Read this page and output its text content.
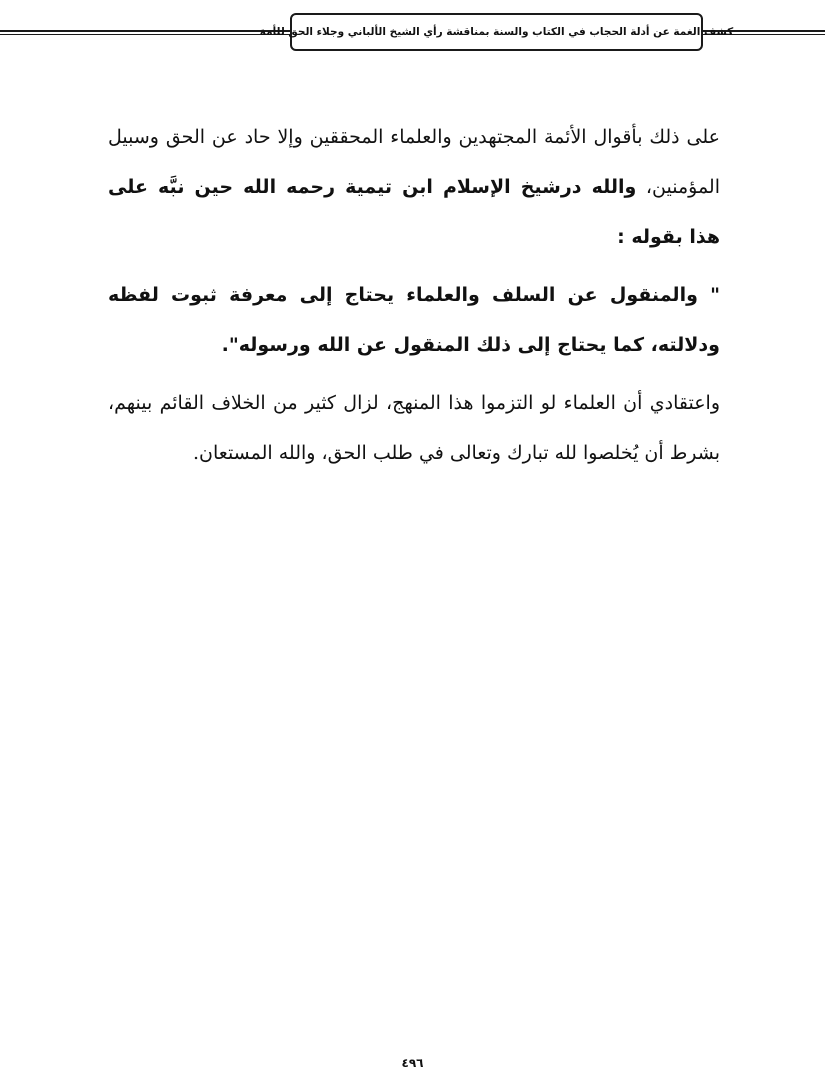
كشف الغمة عن أدلة الحجاب في الكتاب والسنة بمناقشة رأي الشيخ الألباني وجلاء الحق للأمة

على ذلك بأقوال الأئمة المجتهدين والعلماء المحققين وإلا حاد عن الحق وسبيل المؤمنين، والله درشيخ الإسلام ابن تيمية رحمه الله حين نبَّه على هذا بقوله :

" والمنقول عن السلف والعلماء يحتاج إلى معرفة ثبوت لفظه ودلالته، كما يحتاج إلى ذلك المنقول عن الله ورسوله".

واعتقادي أن العلماء لو التزموا هذا المنهج، لزال كثير من الخلاف القائم بينهم، بشرط أن يُخلصوا لله تبارك وتعالى في طلب الحق، والله المستعان.

٤٩٦
